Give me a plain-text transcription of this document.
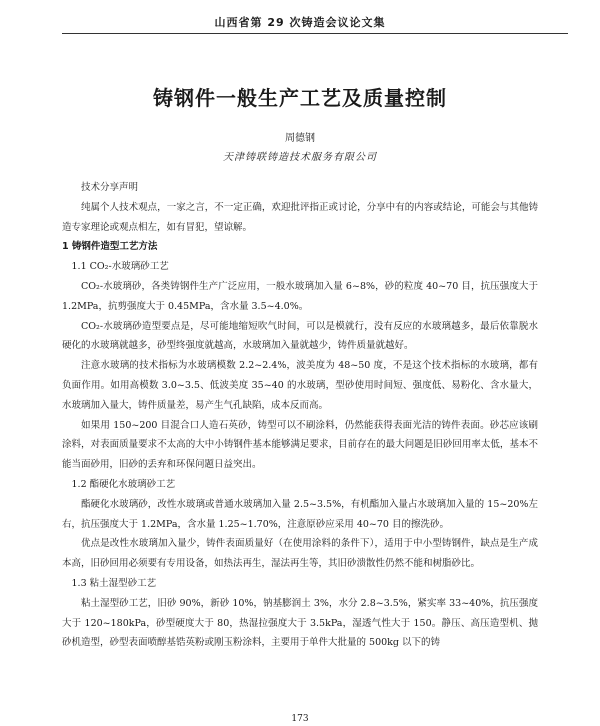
山西省第 29 次铸造会议论文集
铸钢件一般生产工艺及质量控制
周德钢
天津铸联铸造技术服务有限公司

技术分享声明

纯属个人技术观点，一家之言，不一定正确，欢迎批评指正或讨论，分享中有的内容或结论，可能会与其他铸造专家理论或观点相左，如有冒犯，望谅解。

1 铸钢件造型工艺方法

1.1 CO₂-水玻璃砂工艺

CO₂-水玻璃砂，各类铸钢件生产广泛应用，一般水玻璃加入量 6~8%，砂的粒度 40~70 目，抗压强度大于 1.2MPa，抗剪强度大于 0.45MPa，含水量 3.5~4.0%。

CO₂-水玻璃砂造型要点是，尽可能地缩短吹气时间，可以是模就行，没有反应的水玻璃越多，最后依靠脱水硬化的水玻璃就越多，砂型终强度就越高，水玻璃加入量就越少，铸件质量就越好。

注意水玻璃的技术指标为水玻璃模数 2.2~2.4%，波美度为 48~50 度，不是这个技术指标的水玻璃，都有负面作用。如用高模数 3.0~3.5、低波美度 35~40 的水玻璃，型砂使用时间短、强度低、易粉化、含水量大，水玻璃加入量大，铸件质量差，易产生气孔缺陷，成本反而高。

如果用 150~200 目混合口人造石英砂，铸型可以不刷涂料，仍然能获得表面光洁的铸件表面。砂芯应该刷涂料，对表面质量要求不太高的大中小铸钢件基本能够满足要求，目前存在的最大问题是旧砂回用率太低，基本不能当面砂用，旧砂的丢弃和环保问题日益突出。

1.2 酯硬化水玻璃砂工艺

酯硬化水玻璃砂，改性水玻璃或普通水玻璃加入量 2.5~3.5%，有机酯加入量占水玻璃加入量的 15~20%左右，抗压强度大于 1.2MPa，含水量 1.25~1.70%，注意原砂应采用 40~70 目的擦洗砂。

优点是改性水玻璃加入量少，铸件表面质量好（在使用涂料的条件下），适用于中小型铸钢件，缺点是生产成本高，旧砂回用必须要有专用设备，如热法再生，湿法再生等，其旧砂溃散性仍然不能和树脂砂比。

1.3 粘土湿型砂工艺

粘土湿型砂工艺，旧砂 90%，新砂 10%，钠基膨润土 3%，水分 2.8~3.5%，紧实率 33~40%，抗压强度大于 120~180kPa，砂型硬度大于 80，热湿拉强度大于 3.5kPa，湿透气性大于 150。静压、高压造型机、抛砂机造型，砂型表面喷醇基锆英粉或刚玉粉涂料，主要用于单件大批量的 500kg 以下的铸

173
